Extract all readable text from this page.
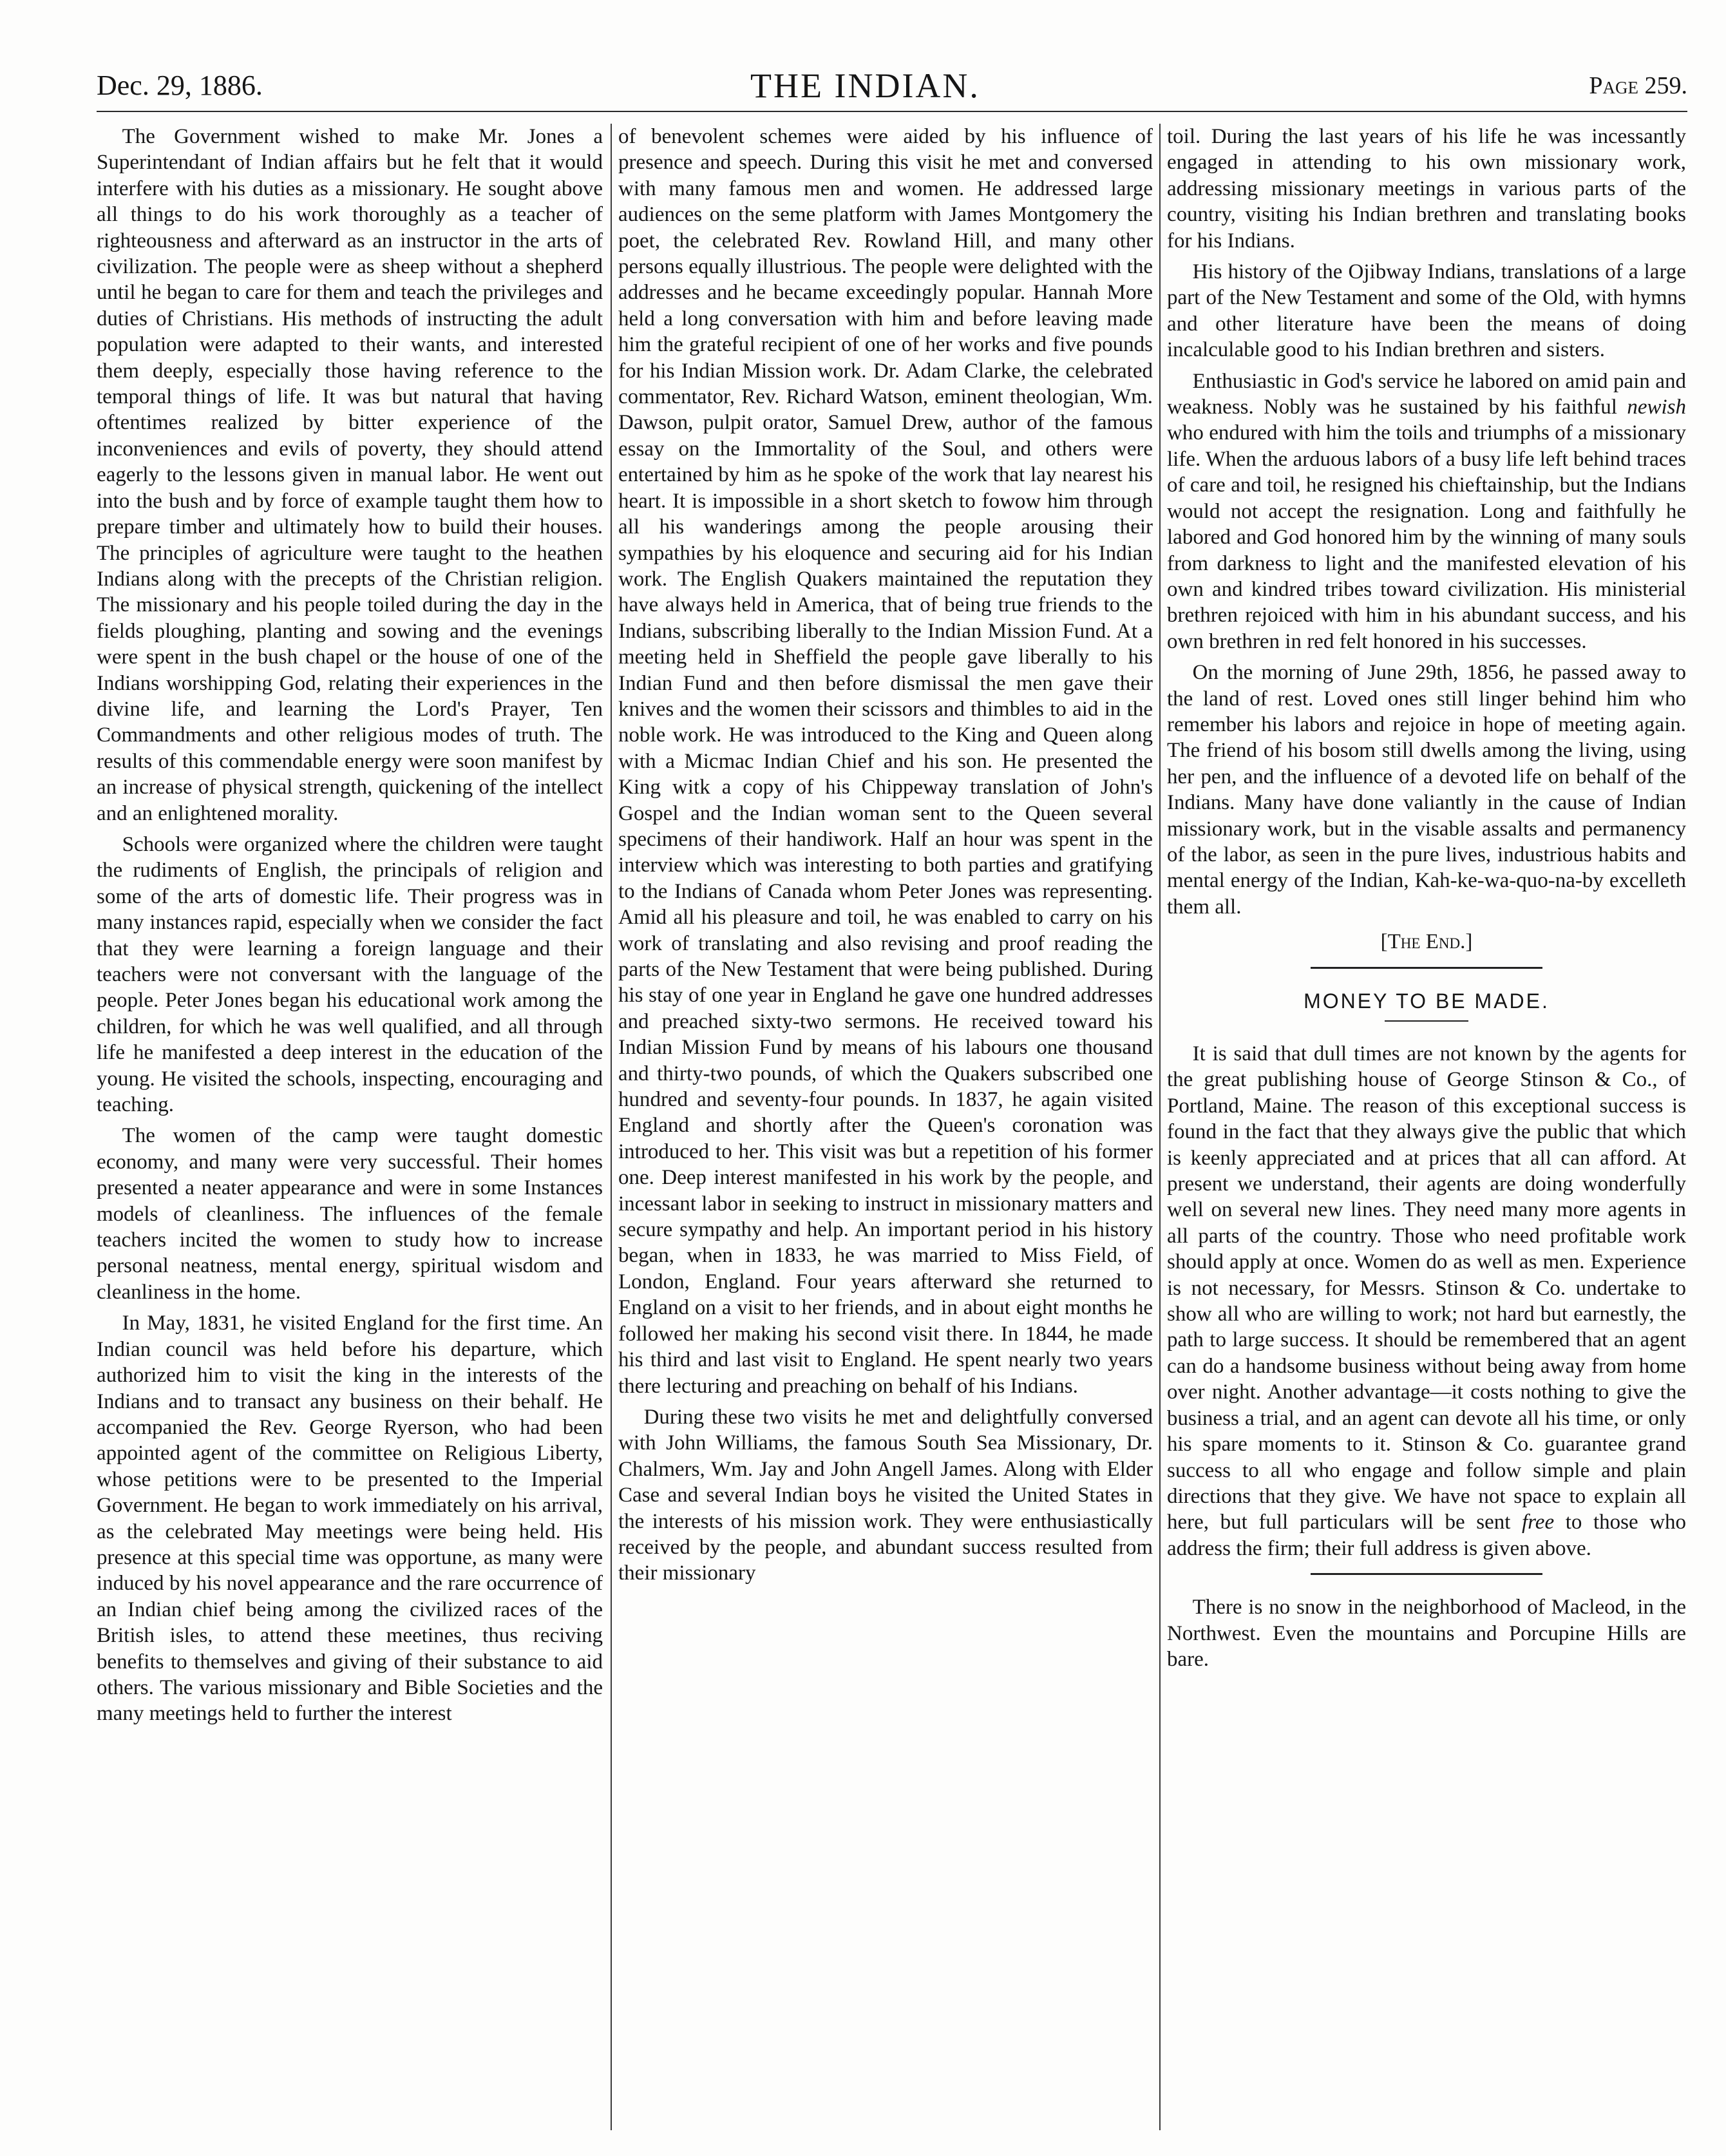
Dec. 29, 1886.	THE INDIAN.	Page 259.

The Government wished to make Mr. Jones a Superintendant of Indian affairs but he felt that it would interfere with his duties as a missionary. He sought above all things to do his work thoroughly as a teacher of righteousness and afterward as an instructor in the arts of civilization. The people were as sheep without a shepherd until he began to care for them and teach the privileges and duties of Christians. His methods of instructing the adult population were adapted to their wants, and interested them deeply, especially those having reference to the temporal things of life. It was but natural that having oftentimes realized by bitter experience of the inconveniences and evils of poverty, they should attend eagerly to the lessons given in manual labor. He went out into the bush and by force of example taught them how to prepare timber and ultimately how to build their houses. The principles of agriculture were taught to the heathen Indians along with the precepts of the Christian religion. The missionary and his people toiled during the day in the fields ploughing, planting and sowing and the evenings were spent in the bush chapel or the house of one of the Indians worshipping God, relating their experiences in the divine life, and learning the Lord's Prayer, Ten Commandments and other religious modes of truth. The results of this commendable energy were soon manifest by an increase of physical strength, quickening of the intellect and an enlightened morality.

Schools were organized where the children were taught the rudiments of English, the principals of religion and some of the arts of domestic life. Their progress was in many instances rapid, especially when we consider the fact that they were learning a foreign language and their teachers were not conversant with the language of the people. Peter Jones began his educational work among the children, for which he was well qualified, and all through life he manifested a deep interest in the education of the young. He visited the schools, inspecting, encouraging and teaching.

The women of the camp were taught domestic economy, and many were very successful. Their homes presented a neater appearance and were in some Instances models of cleanliness. The influences of the female teachers incited the women to study how to increase personal neatness, mental energy, spiritual wisdom and cleanliness in the home.

In May, 1831, he visited England for the first time. An Indian council was held before his departure, which authorized him to visit the king in the interests of the Indians and to transact any business on their behalf. He accompanied the Rev. George Ryerson, who had been appointed agent of the committee on Religious Liberty, whose petitions were to be presented to the Imperial Government. He began to work immediately on his arrival, as the celebrated May meetings were being held. His presence at this special time was opportune, as many were induced by his novel appearance and the rare occurrence of an Indian chief being among the civilized races of the British isles, to attend these meetines, thus reciving benefits to themselves and giving of their substance to aid others. The various missionary and Bible Societies and the many meetings held to further the interest

of benevolent schemes were aided by his influence of presence and speech. During this visit he met and conversed with many famous men and women. He addressed large audiences on the seme platform with James Montgomery the poet, the celebrated Rev. Rowland Hill, and many other persons equally illustrious. The people were delighted with the addresses and he became exceedingly popular. Hannah More held a long conversation with him and before leaving made him the grateful recipient of one of her works and five pounds for his Indian Mission work. Dr. Adam Clarke, the celebrated commentator, Rev. Richard Watson, eminent theologian, Wm. Dawson, pulpit orator, Samuel Drew, author of the famous essay on the Immortality of the Soul, and others were entertained by him as he spoke of the work that lay nearest his heart. It is impossible in a short sketch to fowow him through all his wanderings among the people arousing their sympathies by his eloquence and securing aid for his Indian work. The English Quakers maintained the reputation they have always held in America, that of being true friends to the Indians, subscribing liberally to the Indian Mission Fund. At a meeting held in Sheffield the people gave liberally to his Indian Fund and then before dismissal the men gave their knives and the women their scissors and thimbles to aid in the noble work. He was introduced to the King and Queen along with a Micmac Indian Chief and his son. He presented the King witk a copy of his Chippeway translation of John's Gospel and the Indian woman sent to the Queen several specimens of their handiwork. Half an hour was spent in the interview which was interesting to both parties and gratifying to the Indians of Canada whom Peter Jones was representing. Amid all his pleasure and toil, he was enabled to carry on his work of translating and also revising and proof reading the parts of the New Testament that were being published. During his stay of one year in England he gave one hundred addresses and preached sixty-two sermons. He received toward his Indian Mission Fund by means of his labours one thousand and thirty-two pounds, of which the Quakers subscribed one hundred and seventy-four pounds. In 1837, he again visited England and shortly after the Queen's coronation was introduced to her. This visit was but a repetition of his former one. Deep interest manifested in his work by the people, and incessant labor in seeking to instruct in missionary matters and secure sympathy and help. An important period in his history began, when in 1833, he was married to Miss Field, of London, England. Four years afterward she returned to England on a visit to her friends, and in about eight months he followed her making his second visit there. In 1844, he made his third and last visit to England. He spent nearly two years there lecturing and preaching on behalf of his Indians.

During these two visits he met and delightfully conversed with John Williams, the famous South Sea Missionary, Dr. Chalmers, Wm. Jay and John Angell James. Along with Elder Case and several Indian boys he visited the United States in the interests of his mission work. They were enthusiastically received by the people, and abundant success resulted from their missionary

toil. During the last years of his life he was incessantly engaged in attending to his own missionary work, addressing missionary meetings in various parts of the country, visiting his Indian brethren and translating books for his Indians.

His history of the Ojibway Indians, translations of a large part of the New Testament and some of the Old, with hymns and other literature have been the means of doing incalculable good to his Indian brethren and sisters.

Enthusiastic in God's service he labored on amid pain and weakness. Nobly was he sustained by his faithful newish who endured with him the toils and triumphs of a missionary life. When the arduous labors of a busy life left behind traces of care and toil, he resigned his chieftainship, but the Indians would not accept the resignation. Long and faithfully he labored and God honored him by the winning of many souls from darkness to light and the manifested elevation of his own and kindred tribes toward civilization. His ministerial brethren rejoiced with him in his abundant success, and his own brethren in red felt honored in his successes.

On the morning of June 29th, 1856, he passed away to the land of rest. Loved ones still linger behind him who remember his labors and rejoice in hope of meeting again. The friend of his bosom still dwells among the living, using her pen, and the influence of a devoted life on behalf of the Indians. Many have done valiantly in the cause of Indian missionary work, but in the visable assalts and permanency of the labor, as seen in the pure lives, industrious habits and mental energy of the Indian, Kah-ke-wa-quo-na-by excelleth them all.

[The End.]
MONEY TO BE MADE.

It is said that dull times are not known by the agents for the great publishing house of George Stinson & Co., of Portland, Maine. The reason of this exceptional success is found in the fact that they always give the public that which is keenly appreciated and at prices that all can afford. At present we understand, their agents are doing wonderfully well on several new lines. They need many more agents in all parts of the country. Those who need profitable work should apply at once. Women do as well as men. Experience is not necessary, for Messrs. Stinson & Co. undertake to show all who are willing to work; not hard but earnestly, the path to large success. It should be remembered that an agent can do a handsome business without being away from home over night. Another advantage—it costs nothing to give the business a trial, and an agent can devote all his time, or only his spare moments to it. Stinson & Co. guarantee grand success to all who engage and follow simple and plain directions that they give. We have not space to explain all here, but full particulars will be sent free to those who address the firm; their full address is given above.

There is no snow in the neighborhood of Macleod, in the Northwest. Even the mountains and Porcupine Hills are bare.
